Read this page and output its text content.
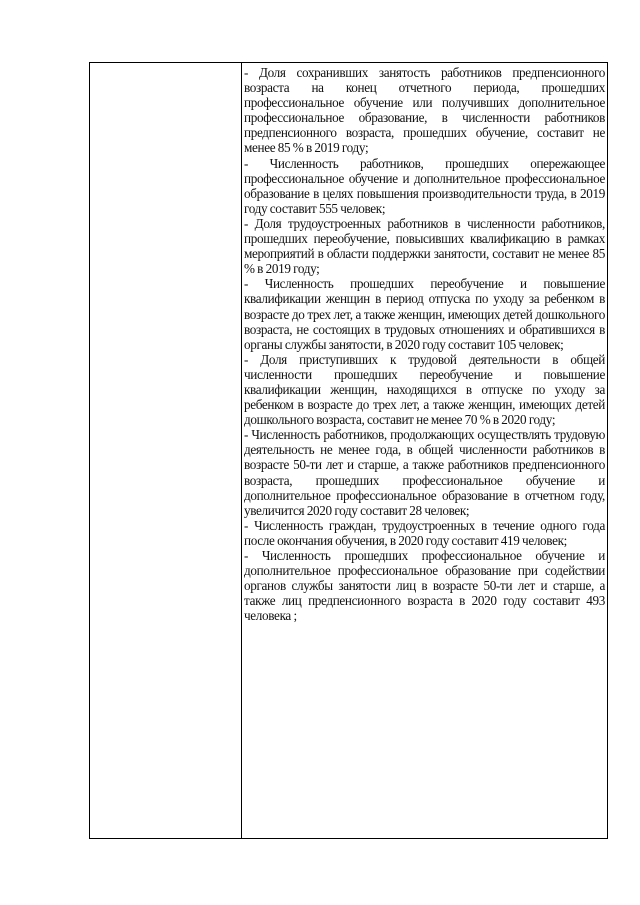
- Доля сохранивших занятость работников предпенсионного возраста на конец отчетного периода, прошедших профессиональное обучение или получивших дополнительное профессиональное образование, в численности работников предпенсионного возраста, прошедших обучение, составит не менее 85 % в 2019 году;

- Численность работников, прошедших опережающее профессиональное обучение и дополнительное профессиональное образование в целях повышения производительности труда, в 2019 году составит 555 человек;

- Доля трудоустроенных работников в численности работников, прошедших переобучение, повысивших квалификацию в рамках мероприятий в области поддержки занятости, составит не менее 85 % в 2019 году;

- Численность прошедших переобучение и повышение квалификации женщин в период отпуска по уходу за ребенком в возрасте до трех лет, а также женщин, имеющих детей дошкольного возраста, не состоящих в трудовых отношениях и обратившихся в органы службы занятости, в 2020 году составит 105 человек;

- Доля приступивших к трудовой деятельности в общей численности прошедших переобучение и повышение квалификации женщин, находящихся в отпуске по уходу за ребенком в возрасте до трех лет, а также женщин, имеющих детей дошкольного возраста, составит не менее 70 % в 2020 году;

- Численность работников, продолжающих осуществлять трудовую деятельность не менее года, в общей численности работников в возрасте 50-ти лет и старше, а также работников предпенсионного возраста, прошедших профессиональное обучение и дополнительное профессиональное образование в отчетном году, увеличится 2020 году составит 28 человек;

- Численность граждан, трудоустроенных в течение одного года после окончания обучения, в 2020 году составит 419 человек;

- Численность прошедших профессиональное обучение и дополнительное профессиональное образование при содействии органов службы занятости лиц в возрасте 50-ти лет и старше, а также лиц предпенсионного возраста в 2020 году составит 493 человека ;
